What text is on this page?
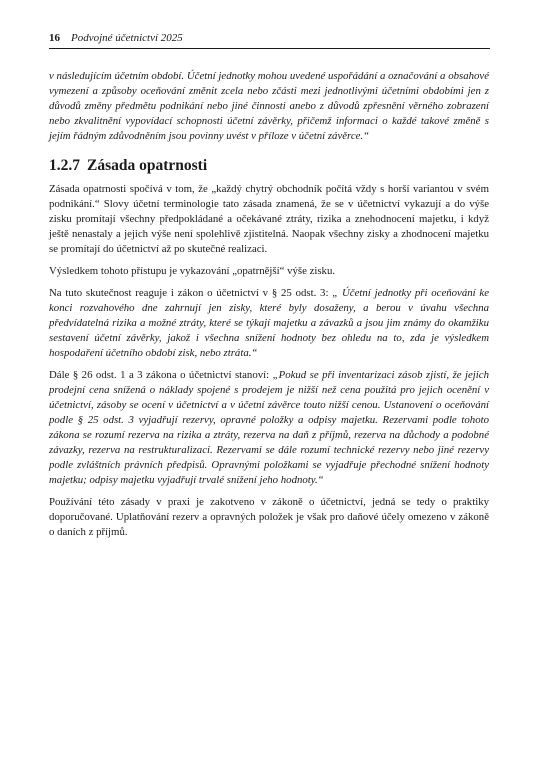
16 Podvojné účetnictví 2025

v následujícím účetním období. Účetní jednotky mohou uvedené uspořádání a označování a obsahové vymezení a způsoby oceňování změnit zcela nebo zčásti mezi jednotlivými účetními obdobími jen z důvodů změny předmětu podnikání nebo jiné činnosti anebo z důvodů zpřesnění věrného zobrazení nebo zkvalitnění vypovídací schopnosti účetní závěrky, přičemž informaci o každé takové změně s jejím řádným zdůvodněním jsou povinny uvést v příloze v účetní závěrce.“

1.2.7 Zásada opatrnosti

Zásada opatrnosti spočívá v tom, že „každý chytrý obchodník počítá vždy s horší variantou v svém podnikání.“ Slovy účetní terminologie tato zásada znamená, že se v účetnictví vykazují a do výše zisku promítají všechny předpokládané a očekávané ztráty, rizika a znehodnocení majetku, i když ještě nenastaly a jejich výše není spolehlivě zjistitelná. Naopak všechny zisky a zhodnocení majetku se promítají do účetnictví až po skutečné realizaci.

Výsledkem tohoto přístupu je vykazování „opatrnější“ výše zisku.

Na tuto skutečnost reaguje i zákon o účetnictví v § 25 odst. 3: „ Účetní jednotky při oceňování ke konci rozvahového dne zahrnují jen zisky, které byly dosaženy, a berou v úvahu všechna předvídatelná rizika a možné ztráty, které se týkají majetku a závazků a jsou jim známy do okamžiku sestavení účetní závěrky, jakož i všechna snížení hodnoty bez ohledu na to, zda je výsledkem hospodaření účetního období zisk, nebo ztráta.“

Dále § 26 odst. 1 a 3 zákona o účetnictví stanoví: „Pokud se při inventarizaci zásob zjistí, že jejich prodejní cena snížená o náklady spojené s prodejem je nižší než cena použitá pro jejich ocenění v účetnictví, zásoby se ocení v účetnictví a v účetní závěrce touto nižší cenou. Ustanovení o oceňování podle § 25 odst. 3 vyjadřují rezervy, opravné položky a odpisy majetku. Rezervami podle tohoto zákona se rozumí rezerva na rizika a ztráty, rezerva na daň z příjmů, rezerva na důchody a podobné závazky, rezerva na restrukturalizaci. Rezervami se dále rozumí technické rezervy nebo jiné rezervy podle zvláštních právních předpisů. Opravnými položkami se vyjadřuje přechodné snížení hodnoty majetku; odpisy majetku vyjadřují trvalé snížení jeho hodnoty.“

Používání této zásady v praxi je zakotveno v zákoně o účetnictví, jedná se tedy o praktiky doporučované. Uplatňování rezerv a opravných položek je však pro daňové účely omezeno v zákoně o daních z příjmů.
